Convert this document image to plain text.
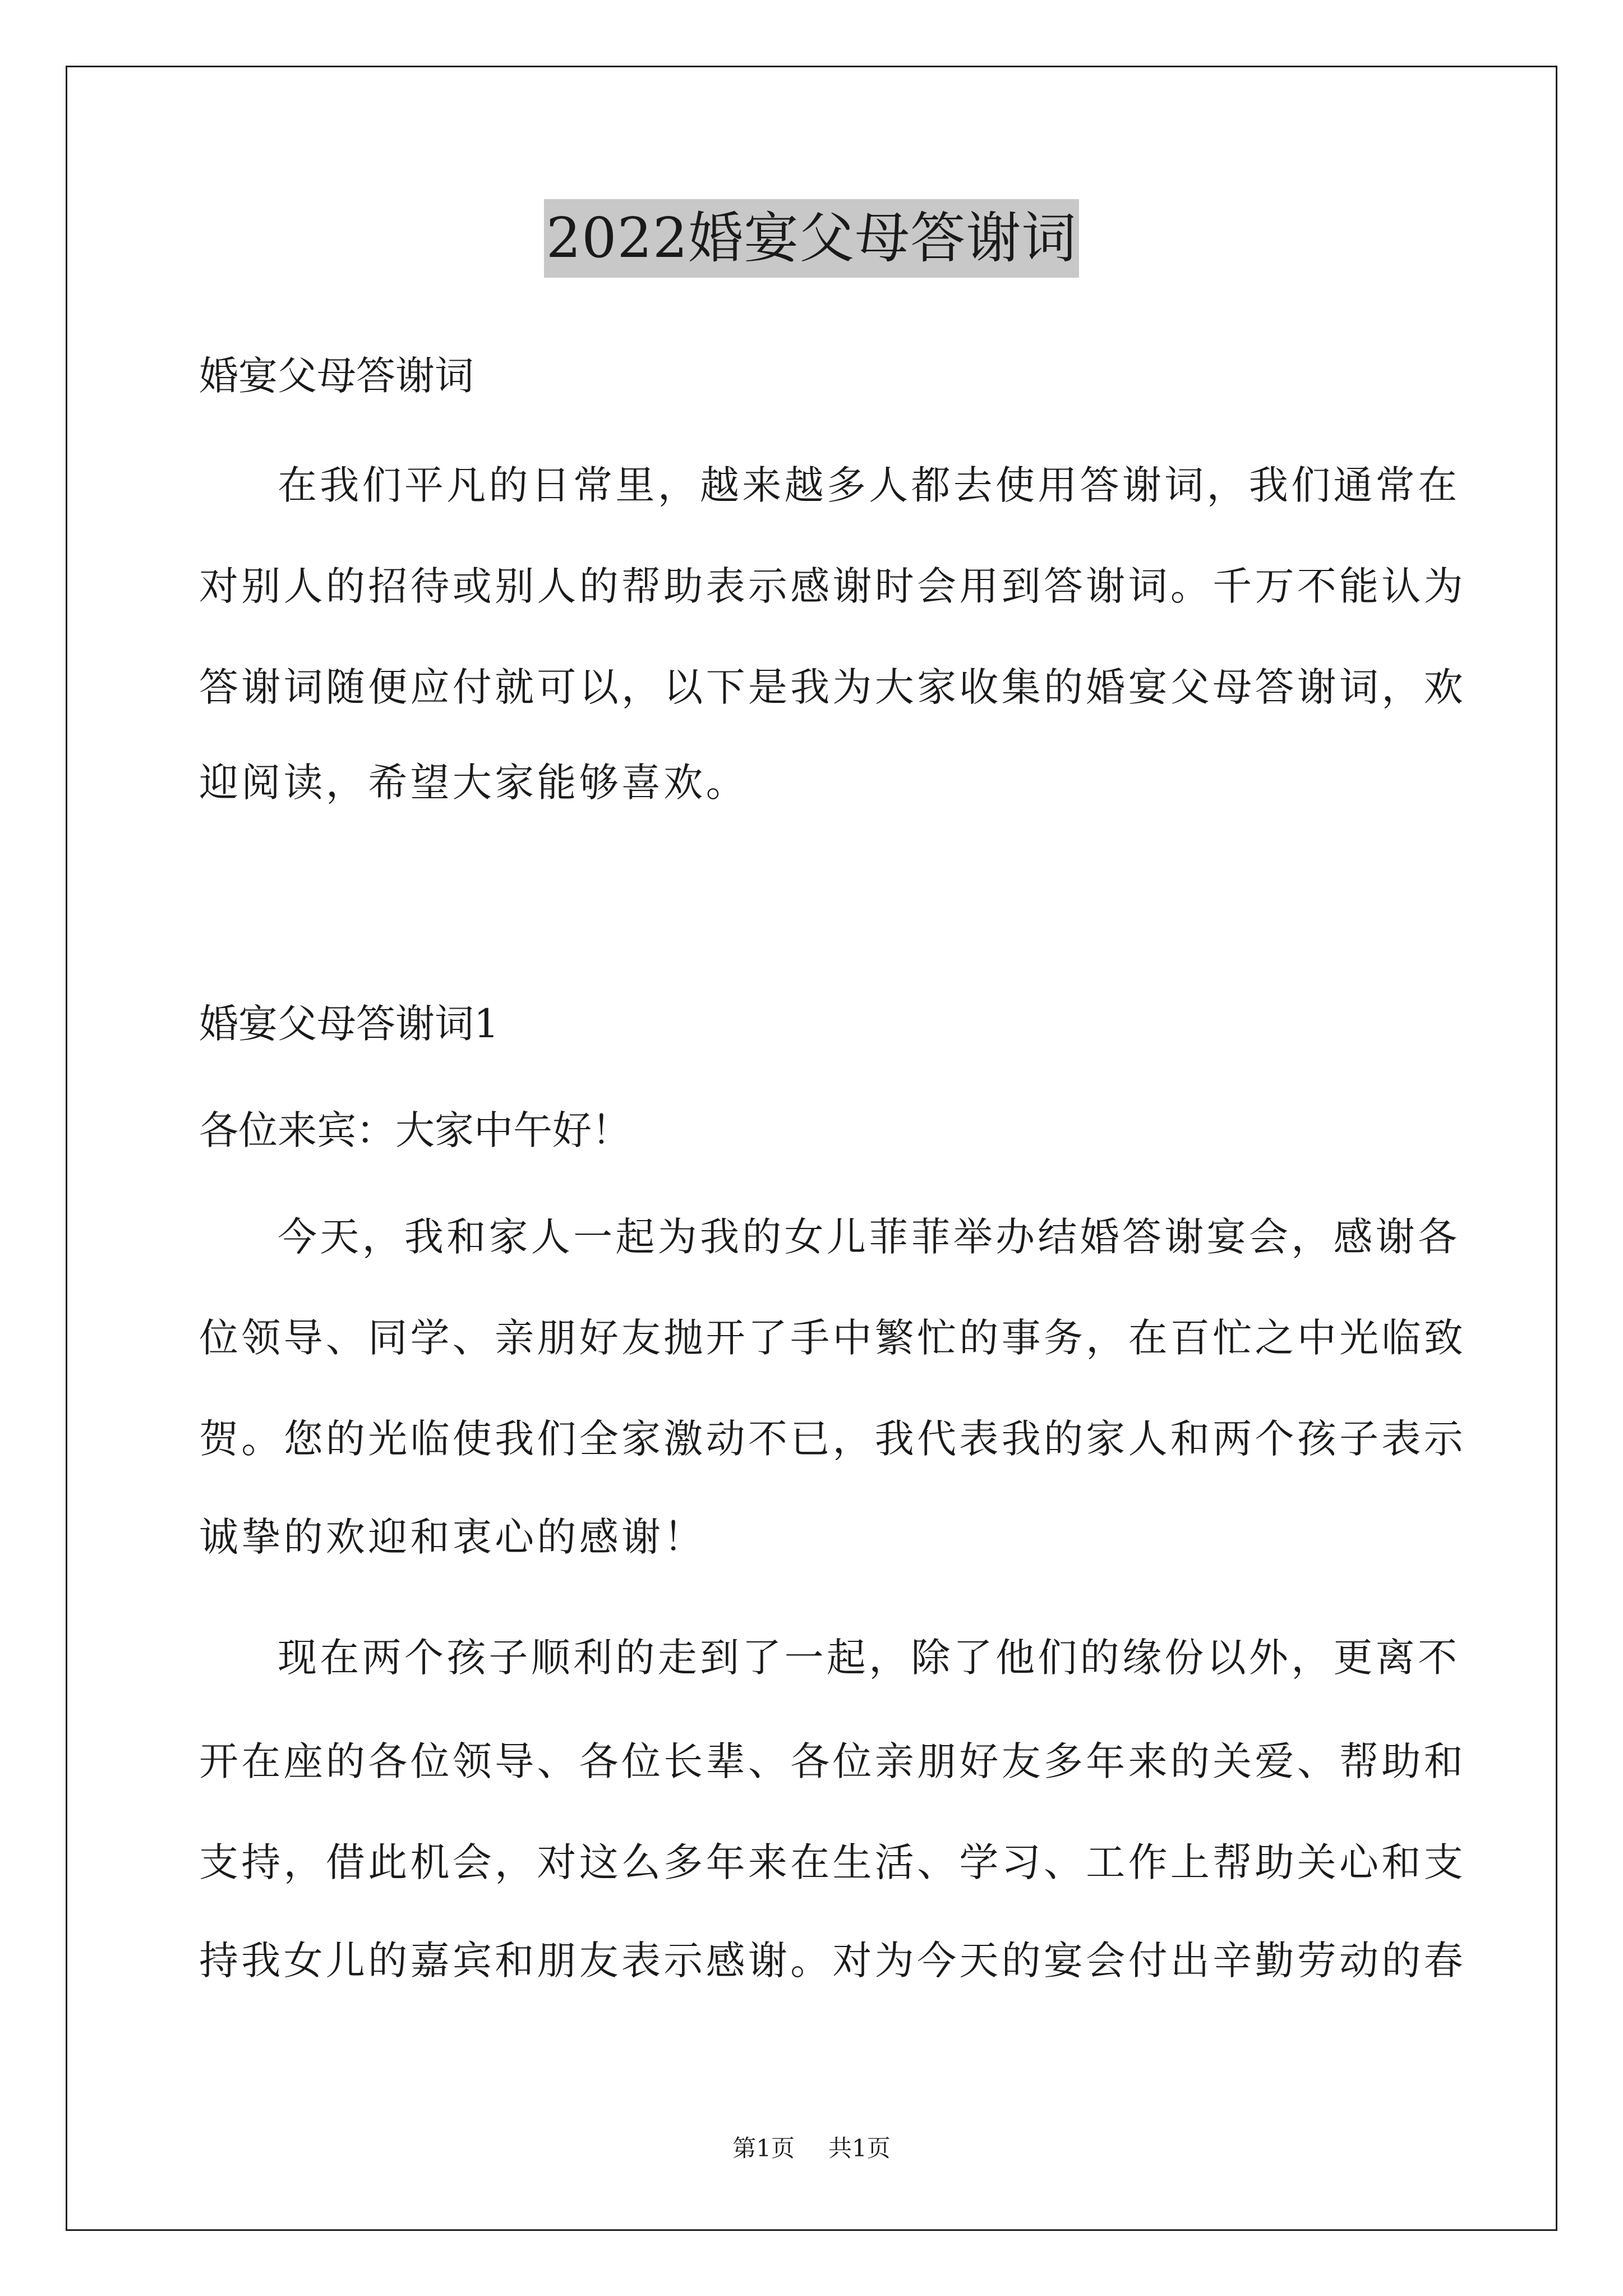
2022婚宴父母答谢词
婚宴父母答谢词
在我们平凡的日常里，越来越多人都去使用答谢词，我们通常在
对别人的招待或别人的帮助表示感谢时会用到答谢词。千万不能认为
答谢词随便应付就可以，以下是我为大家收集的婚宴父母答谢词，欢
迎阅读，希望大家能够喜欢。
婚宴父母答谢词1
各位来宾：大家中午好！
今天，我和家人一起为我的女儿菲菲举办结婚答谢宴会，感谢各
位领导、同学、亲朋好友抛开了手中繁忙的事务，在百忙之中光临致
贺。您的光临使我们全家激动不已，我代表我的家人和两个孩子表示
诚挚的欢迎和衷心的感谢！
现在两个孩子顺利的走到了一起，除了他们的缘份以外，更离不
开在座的各位领导、各位长辈、各位亲朋好友多年来的关爱、帮助和
支持，借此机会，对这么多年来在生活、学习、工作上帮助关心和支
持我女儿的嘉宾和朋友表示感谢。对为今天的宴会付出辛勤劳动的春
第1页 共1页
